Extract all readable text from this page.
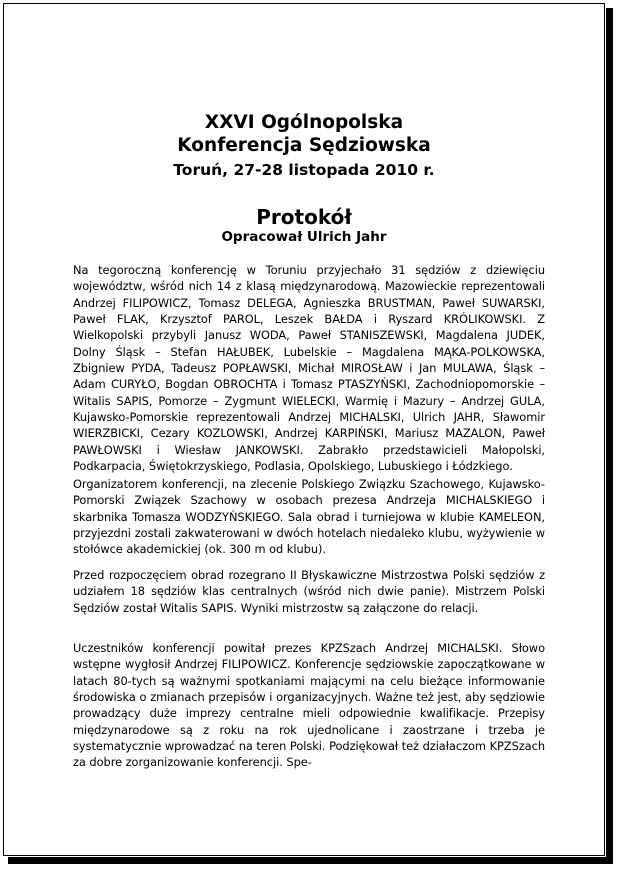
XXVI Ogólnopolska
Konferencja Sędziowska
Toruń, 27-28 listopada 2010 r.
Protokół
Opracował Ulrich Jahr

Na tegoroczną konferencję w Toruniu przyjechało 31 sędziów z dziewięciu województw, wśród nich 14 z klasą międzynarodową. Mazowieckie reprezentowali Andrzej FILIPOWICZ, Tomasz DELEGA, Agnieszka BRUSTMAN, Paweł SUWARSKI, Paweł FLAK, Krzysztof PAROL, Leszek BAŁDA i Ryszard KRÓLIKOWSKI. Z Wielkopolski przybyli Janusz WODA, Paweł STANISZEWSKI, Magdalena JUDEK, Dolny Śląsk – Stefan HAŁUBEK, Lubelskie – Magdalena MĄKA-POLKOWSKA, Zbigniew PYDA, Tadeusz POPŁAWSKI, Michał MIROSŁAW i Jan MULAWA, Śląsk – Adam CURYŁO, Bogdan OBROCHTA i Tomasz PTASZYŃSKI, Zachodniopomorskie – Witalis SAPIS, Pomorze – Zygmunt WIELECKI, Warmię i Mazury – Andrzej GULA, Kujawsko-Pomorskie reprezentowali Andrzej MICHALSKI, Ulrich JAHR, Sławomir WIERZBICKI, Cezary KOZLOWSKI, Andrzej KARPIŃSKI, Mariusz MAZALON, Paweł PAWŁOWSKI i Wiesław JANKOWSKI. Zabrakło przedstawicieli Małopolski, Podkarpacia, Świętokrzyskiego, Podlasia, Opolskiego, Lubuskiego i Łódzkiego.

Organizatorem konferencji, na zlecenie Polskiego Związku Szachowego, Kujawsko-Pomorski Związek Szachowy w osobach prezesa Andrzeja MICHALSKIEGO i skarbnika Tomasza WODZYŃSKIEGO. Sala obrad i turniejowa w klubie KAMELEON, przyjezdni zostali zakwaterowani w dwóch hotelach niedaleko klubu, wyżywienie w stołówce akademickiej (ok. 300 m od klubu).

Przed rozpoczęciem obrad rozegrano II Błyskawiczne Mistrzostwa Polski sędziów z udziałem 18 sędziów klas centralnych (wśród nich dwie panie). Mistrzem Polski Sędziów został Witalis SAPIS. Wyniki mistrzostw są załączone do relacji.

Uczestników konferencji powitał prezes KPZSzach Andrzej MICHALSKI. Słowo wstępne wygłosił Andrzej FILIPOWICZ. Konferencje sędziowskie zapoczątkowane w latach 80-tych są ważnymi spotkaniami mającymi na celu bieżące informowanie środowiska o zmianach przepisów i organizacyjnych. Ważne też jest, aby sędziowie prowadzący duże imprezy centralne mieli odpowiednie kwalifikacje. Przepisy międzynarodowe są z roku na rok ujednolicane i zaostrzane i trzeba je systematycznie wprowadzać na teren Polski. Podziękował też działaczom KPZSzach za dobre zorganizowanie konferencji. Spe-
